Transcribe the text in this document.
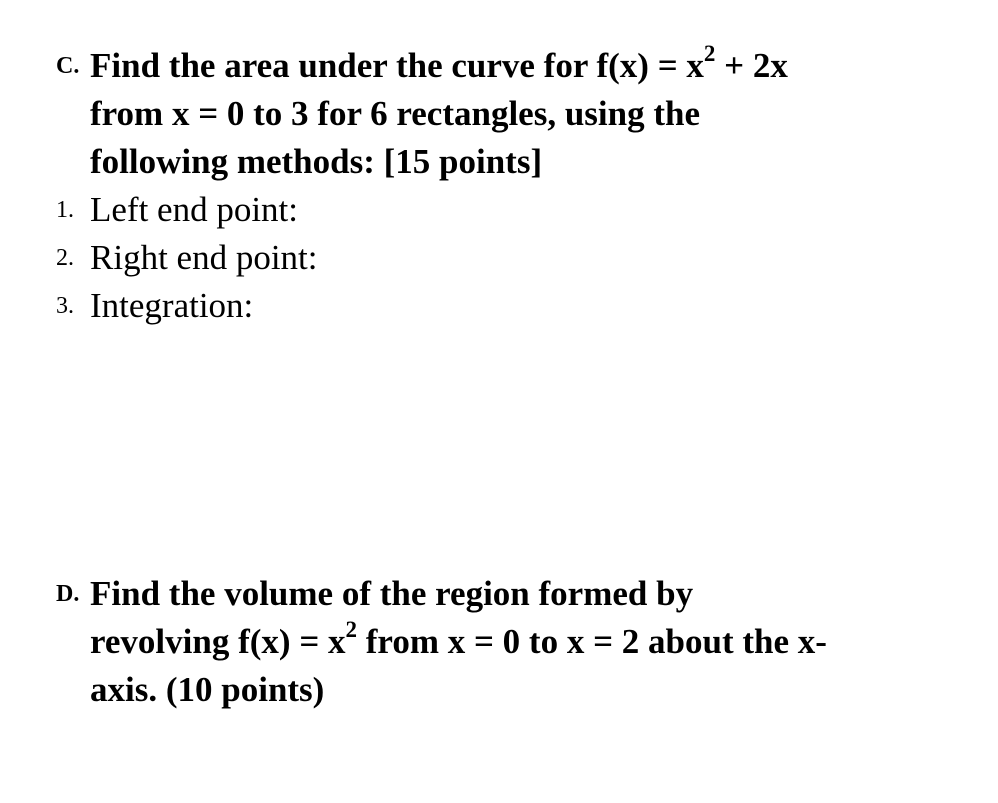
C. Find the area under the curve for $f(x) = x^2 + 2x$
from x = 0 to 3 for 6 rectangles, using the
following methods: [15 points]
1. Left end point:
2. Right end point:
3. Integration:
D. Find the volume of the region formed by
revolving $f(x) = x^2$ from x = 0 to x = 2 about the x-
axis. (10 points)
